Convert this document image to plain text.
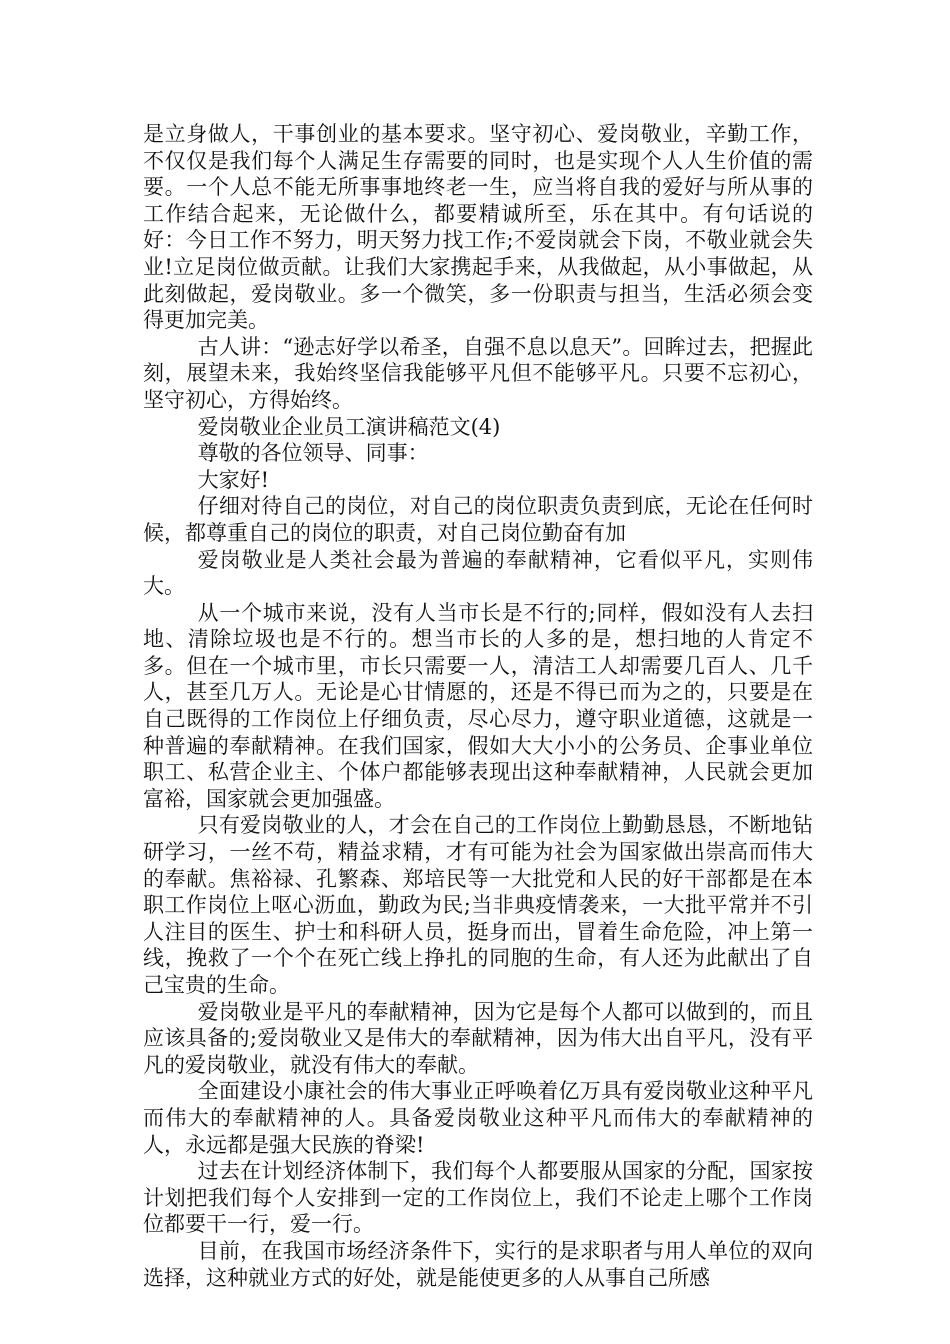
是立身做人，干事创业的基本要求。坚守初心、爱岗敬业，辛勤工作，不仅仅是我们每个人满足生存需要的同时，也是实现个人人生价值的需要。一个人总不能无所事事地终老一生，应当将自我的爱好与所从事的工作结合起来，无论做什么，都要精诚所至，乐在其中。有句话说的好：今日工作不努力，明天努力找工作;不爱岗就会下岗，不敬业就会失业!立足岗位做贡献。让我们大家携起手来，从我做起，从小事做起，从此刻做起，爱岗敬业。多一个微笑，多一份职责与担当，生活必须会变得更加完美。

古人讲：“逊志好学以希圣，自强不息以息天”。回眸过去，把握此刻，展望未来，我始终坚信我能够平凡但不能够平凡。只要不忘初心，坚守初心，方得始终。

爱岗敬业企业员工演讲稿范文(4)

尊敬的各位领导、同事：

大家好!

仔细对待自己的岗位，对自己的岗位职责负责到底，无论在任何时候，都尊重自己的岗位的职责，对自己岗位勤奋有加

爱岗敬业是人类社会最为普遍的奉献精神，它看似平凡，实则伟大。

从一个城市来说，没有人当市长是不行的;同样，假如没有人去扫地、清除垃圾也是不行的。想当市长的人多的是，想扫地的人肯定不多。但在一个城市里，市长只需要一人，清洁工人却需要几百人、几千人，甚至几万人。无论是心甘情愿的，还是不得已而为之的，只要是在自己既得的工作岗位上仔细负责，尽心尽力，遵守职业道德，这就是一种普遍的奉献精神。在我们国家，假如大大小小的公务员、企事业单位职工、私营企业主、个体户都能够表现出这种奉献精神，人民就会更加富裕，国家就会更加强盛。

只有爱岗敬业的人，才会在自己的工作岗位上勤勤恳恳，不断地钻研学习，一丝不苟，精益求精，才有可能为社会为国家做出崇高而伟大的奉献。焦裕禄、孔繁森、郑培民等一大批党和人民的好干部都是在本职工作岗位上呕心沥血，勤政为民;当非典疫情袭来，一大批平常并不引人注目的医生、护士和科研人员，挺身而出，冒着生命危险，冲上第一线，挽救了一个个在死亡线上挣扎的同胞的生命，有人还为此献出了自己宝贵的生命。

爱岗敬业是平凡的奉献精神，因为它是每个人都可以做到的，而且应该具备的;爱岗敬业又是伟大的奉献精神，因为伟大出自平凡，没有平凡的爱岗敬业，就没有伟大的奉献。

全面建设小康社会的伟大事业正呼唤着亿万具有爱岗敬业这种平凡而伟大的奉献精神的人。具备爱岗敬业这种平凡而伟大的奉献精神的人，永远都是强大民族的脊梁!

过去在计划经济体制下，我们每个人都要服从国家的分配，国家按计划把我们每个人安排到一定的工作岗位上，我们不论走上哪个工作岗位都要干一行，爱一行。

目前，在我国市场经济条件下，实行的是求职者与用人单位的双向选择，这种就业方式的好处，就是能使更多的人从事自己所感
